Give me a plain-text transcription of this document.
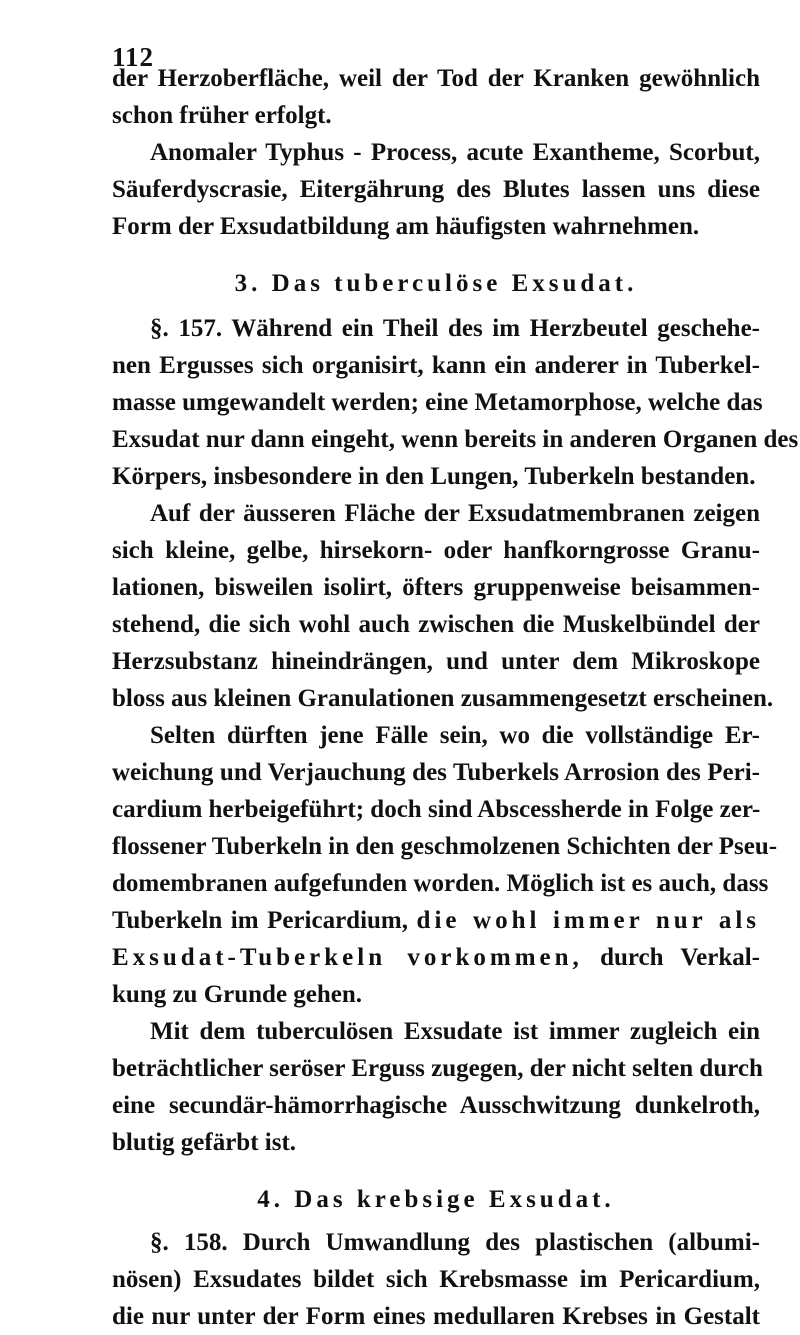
112
der Herzoberfläche, weil der Tod der Kranken gewöhnlich
schon früher erfolgt.
Anomaler Typhus - Process, acute Exantheme, Scorbut,
Säuferdyscrasie, Eitergährung des Blutes lassen uns diese
Form der Exsudatbildung am häufigsten wahrnehmen.
3. Das tuberculöse Exsudat.
§. 157. Während ein Theil des im Herzbeutel geschehe-
nen Ergusses sich organisirt, kann ein anderer in Tuberkel-
masse umgewandelt werden; eine Metamorphose, welche das
Exsudat nur dann eingeht, wenn bereits in anderen Organen des
Körpers, insbesondere in den Lungen, Tuberkeln bestanden.
Auf der äusseren Fläche der Exsudatmembranen zeigen
sich kleine, gelbe, hirsekorn- oder hanfkorngrosse Granu-
lationen, bisweilen isolirt, öfters gruppenweise beisammen-
stehend, die sich wohl auch zwischen die Muskelbündel der
Herzsubstanz hineindrängen, und unter dem Mikroskope
bloss aus kleinen Granulationen zusammengesetzt erscheinen.
Selten dürften jene Fälle sein, wo die vollständige Er-
weichung und Verjauchung des Tuberkels Arrosion des Peri-
cardium herbeigeführt; doch sind Abscessherde in Folge zer-
flossener Tuberkeln in den geschmolzenen Schichten der Pseu-
domembranen aufgefunden worden. Möglich ist es auch, dass
Tuberkeln im Pericardium, die wohl immer nur als
Exsudat-Tuberkeln vorkommen, durch Verkal-
kung zu Grunde gehen.
Mit dem tuberculösen Exsudate ist immer zugleich ein
beträchtlicher seröser Erguss zugegen, der nicht selten durch
eine secundär-hämorrhagische Ausschwitzung dunkelroth,
blutig gefärbt ist.
4. Das krebsige Exsudat.
§. 158. Durch Umwandlung des plastischen (albumi-
nösen) Exsudates bildet sich Krebsmasse im Pericardium,
die nur unter der Form eines medullaren Krebses in Gestalt
